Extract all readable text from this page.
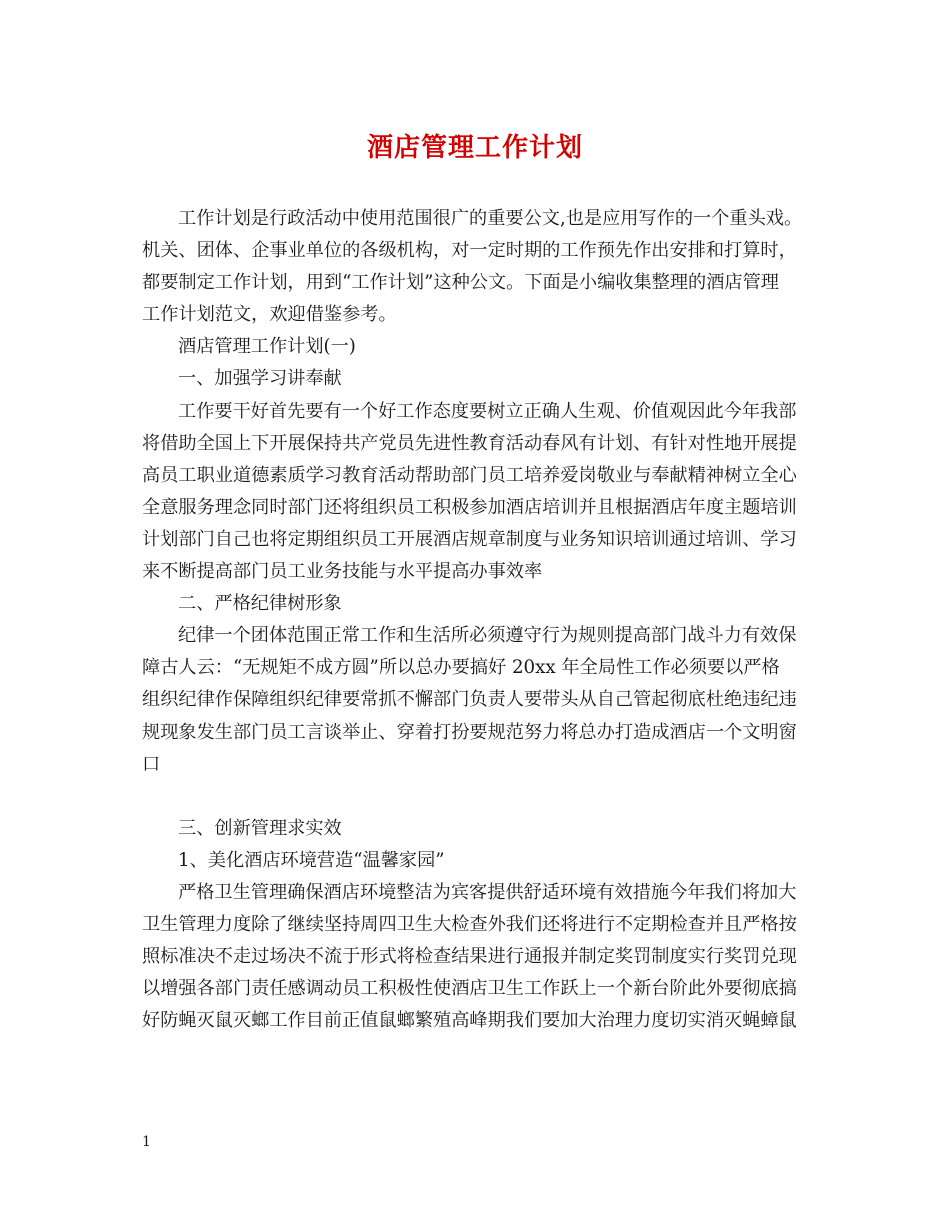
酒店管理工作计划
工作计划是行政活动中使用范围很广的重要公文,也是应用写作的一个重头戏。
机关、团体、企事业单位的各级机构，对一定时期的工作预先作出安排和打算时，
都要制定工作计划，用到“工作计划”这种公文。下面是小编收集整理的酒店管理
工作计划范文，欢迎借鉴参考。
酒店管理工作计划(一)
一、加强学习讲奉献
工作要干好首先要有一个好工作态度要树立正确人生观、价值观因此今年我部
将借助全国上下开展保持共产党员先进性教育活动春风有计划、有针对性地开展提
高员工职业道德素质学习教育活动帮助部门员工培养爱岗敬业与奉献精神树立全心
全意服务理念同时部门还将组织员工积极参加酒店培训并且根据酒店年度主题培训
计划部门自己也将定期组织员工开展酒店规章制度与业务知识培训通过培训、学习
来不断提高部门员工业务技能与水平提高办事效率
二、严格纪律树形象
纪律一个团体范围正常工作和生活所必须遵守行为规则提高部门战斗力有效保
障古人云：“无规矩不成方圆”所以总办要搞好 20xx 年全局性工作必须要以严格
组织纪律作保障组织纪律要常抓不懈部门负责人要带头从自己管起彻底杜绝违纪违
规现象发生部门员工言谈举止、穿着打扮要规范努力将总办打造成酒店一个文明窗
口
三、创新管理求实效
1、美化酒店环境营造“温馨家园”
严格卫生管理确保酒店环境整洁为宾客提供舒适环境有效措施今年我们将加大
卫生管理力度除了继续坚持周四卫生大检查外我们还将进行不定期检查并且严格按
照标准决不走过场决不流于形式将检查结果进行通报并制定奖罚制度实行奖罚兑现
以增强各部门责任感调动员工积极性使酒店卫生工作跃上一个新台阶此外要彻底搞
好防蝇灭鼠灭螂工作目前正值鼠螂繁殖高峰期我们要加大治理力度切实消灭蝇蟑鼠
1
